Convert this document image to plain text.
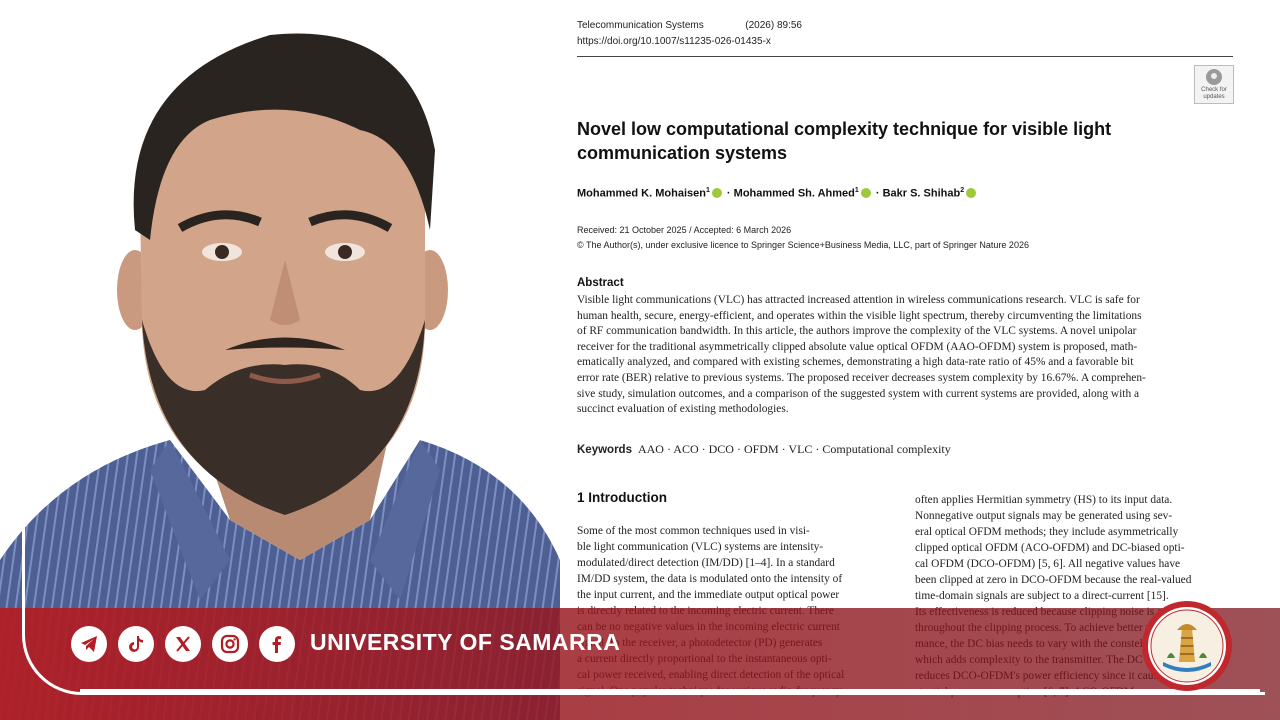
Telecommunication Systems	(2026) 89:56
https://doi.org/10.1007/s11235-026-01435-x
Check for
updates
Novel low computational complexity technique for visible light
communication systems
Mohammed K. Mohaisen$^1$ · Mohammed Sh. Ahmed$^1$ · Bakr S. Shihab$^2$
Received: 21 October 2025 / Accepted: 6 March 2026
© The Author(s), under exclusive licence to Springer Science+Business Media, LLC, part of Springer Nature 2026
Abstract
Visible light communications (VLC) has attracted increased attention in wireless communications research. VLC is safe for
human health, secure, energy-efficient, and operates within the visible light spectrum, thereby circumventing the limitations
of RF communication bandwidth. In this article, the authors improve the complexity of the VLC systems. A novel unipolar
receiver for the traditional asymmetrically clipped absolute value optical OFDM (AAO-OFDM) system is proposed, math-
ematically analyzed, and compared with existing schemes, demonstrating a high data-rate ratio of 45% and a favorable bit
error rate (BER) relative to previous systems. The proposed receiver decreases system complexity by 16.67%. A comprehen-
sive study, simulation outcomes, and a comparison of the suggested system with current systems are provided, along with a
succinct evaluation of existing methodologies.
Keywords AAO · ACO · DCO · OFDM · VLC · Computational complexity
1 Introduction
Some of the most common techniques used in visi-
ble light communication (VLC) systems are intensity-
modulated/direct detection (IM/DD) [1–4]. In a standard
IM/DD system, the data is modulated onto the intensity of
the input current, and the immediate output optical power
often applies Hermitian symmetry (HS) to its input data.
Nonnegative output signals may be generated using sev-
eral optical OFDM methods; they include asymmetrically
clipped optical OFDM (ACO-OFDM) and DC-biased opti-
cal OFDM (DCO-OFDM) [5, 6]. All negative values have
been clipped at zero in DCO-OFDM because the real-valued
time-domain signals are subject to a direct-current [15].
UNIVERSITY OF SAMARRA
